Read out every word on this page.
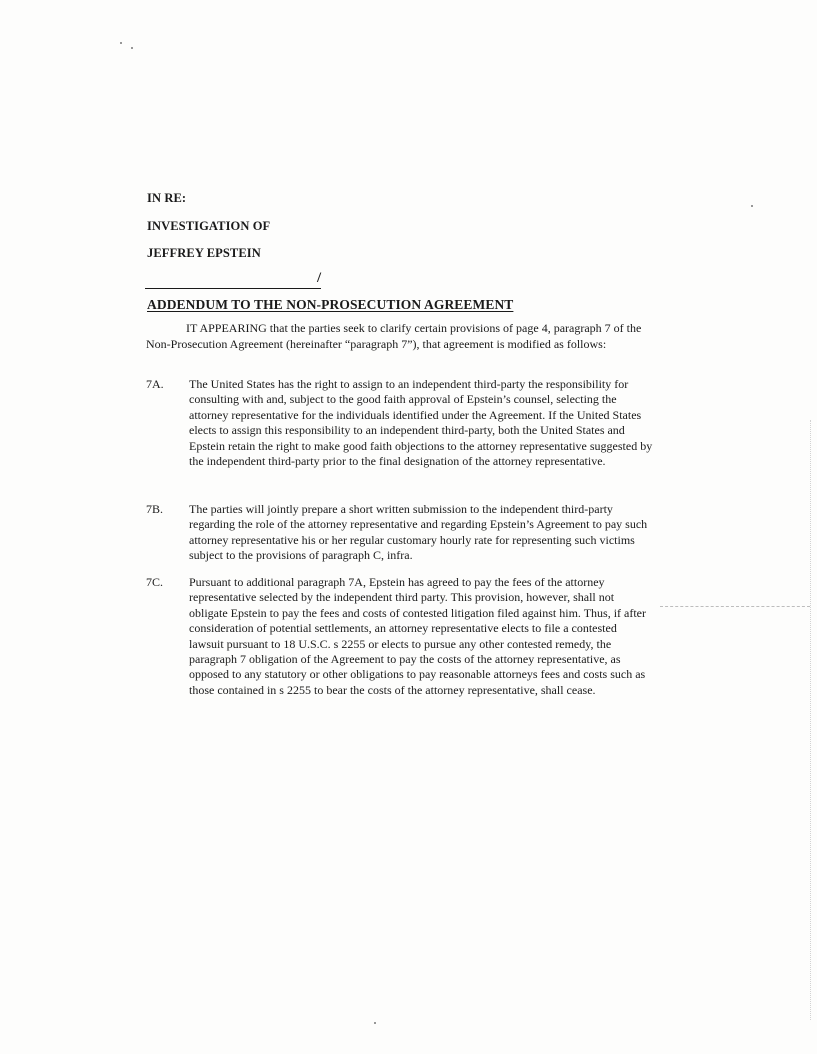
IN RE:
INVESTIGATION OF
JEFFREY EPSTEIN
/
ADDENDUM TO THE NON-PROSECUTION AGREEMENT
IT APPEARING that the parties seek to clarify certain provisions of page 4, paragraph 7 of the Non-Prosecution Agreement (hereinafter “paragraph 7”), that agreement is modified as follows:
7A. The United States has the right to assign to an independent third-party the responsibility for consulting with and, subject to the good faith approval of Epstein’s counsel, selecting the attorney representative for the individuals identified under the Agreement. If the United States elects to assign this responsibility to an independent third-party, both the United States and Epstein retain the right to make good faith objections to the attorney representative suggested by the independent third-party prior to the final designation of the attorney representative.
7B. The parties will jointly prepare a short written submission to the independent third-party regarding the role of the attorney representative and regarding Epstein’s Agreement to pay such attorney representative his or her regular customary hourly rate for representing such victims subject to the provisions of paragraph C, infra.
7C. Pursuant to additional paragraph 7A, Epstein has agreed to pay the fees of the attorney representative selected by the independent third party. This provision, however, shall not obligate Epstein to pay the fees and costs of contested litigation filed against him. Thus, if after consideration of potential settlements, an attorney representative elects to file a contested lawsuit pursuant to 18 U.S.C. s 2255 or elects to pursue any other contested remedy, the paragraph 7 obligation of the Agreement to pay the costs of the attorney representative, as opposed to any statutory or other obligations to pay reasonable attorneys fees and costs such as those contained in s 2255 to bear the costs of the attorney representative, shall cease.
